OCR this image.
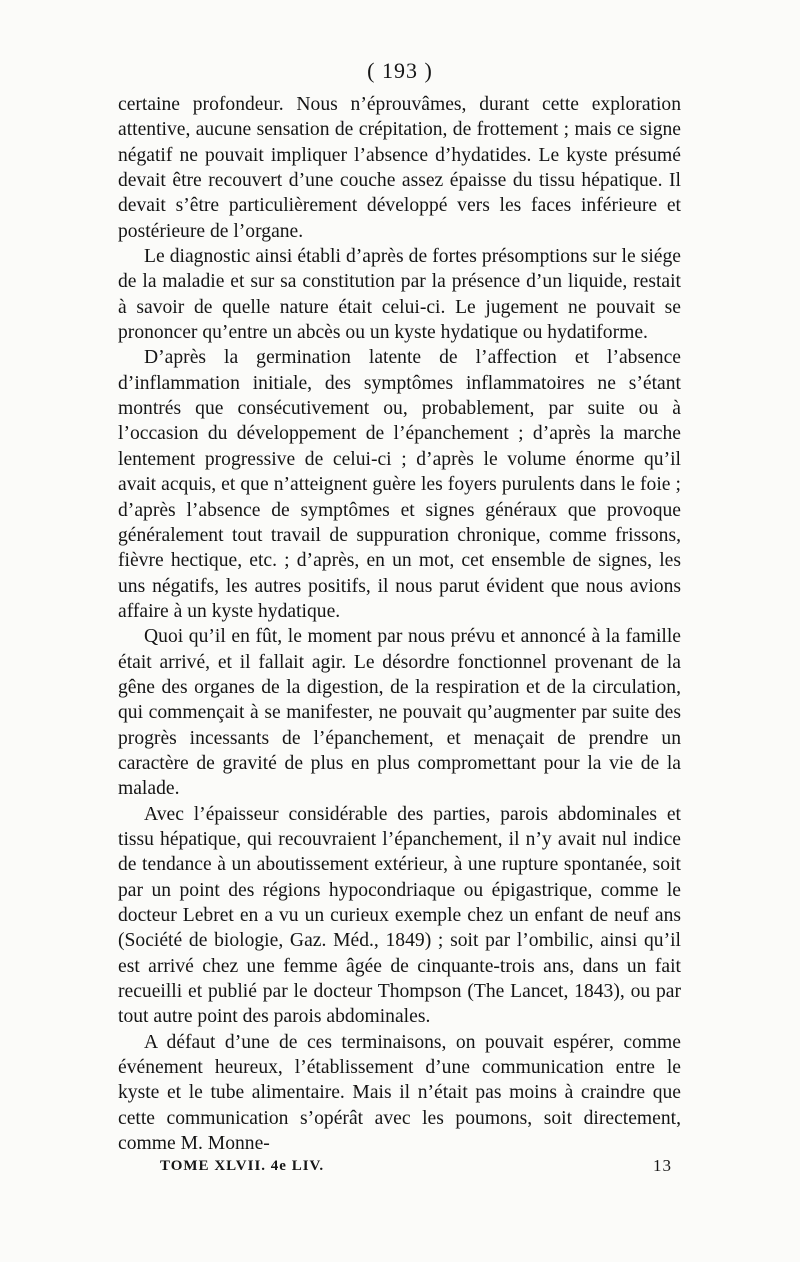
( 193 )

certaine profondeur. Nous n’éprouvâmes, durant cette exploration attentive, aucune sensation de crépitation, de frottement ; mais ce signe négatif ne pouvait impliquer l’absence d’hydatides. Le kyste présumé devait être recouvert d’une couche assez épaisse du tissu hépatique. Il devait s’être particulièrement développé vers les faces inférieure et postérieure de l’organe.

Le diagnostic ainsi établi d’après de fortes présomptions sur le siége de la maladie et sur sa constitution par la présence d’un liquide, restait à savoir de quelle nature était celui-ci. Le jugement ne pouvait se prononcer qu’entre un abcès ou un kyste hydatique ou hydatiforme.

D’après la germination latente de l’affection et l’absence d’inflammation initiale, des symptômes inflammatoires ne s’étant montrés que consécutivement ou, probablement, par suite ou à l’occasion du développement de l’épanchement ; d’après la marche lentement progressive de celui-ci ; d’après le volume énorme qu’il avait acquis, et que n’atteignent guère les foyers purulents dans le foie ; d’après l’absence de symptômes et signes généraux que provoque généralement tout travail de suppuration chronique, comme frissons, fièvre hectique, etc. ; d’après, en un mot, cet ensemble de signes, les uns négatifs, les autres positifs, il nous parut évident que nous avions affaire à un kyste hydatique.

Quoi qu’il en fût, le moment par nous prévu et annoncé à la famille était arrivé, et il fallait agir. Le désordre fonctionnel provenant de la gêne des organes de la digestion, de la respiration et de la circulation, qui commençait à se manifester, ne pouvait qu’augmenter par suite des progrès incessants de l’épanchement, et menaçait de prendre un caractère de gravité de plus en plus compromettant pour la vie de la malade.

Avec l’épaisseur considérable des parties, parois abdominales et tissu hépatique, qui recouvraient l’épanchement, il n’y avait nul indice de tendance à un aboutissement extérieur, à une rupture spontanée, soit par un point des régions hypocondriaque ou épigastrique, comme le docteur Lebret en a vu un curieux exemple chez un enfant de neuf ans (Société de biologie, Gaz. Méd., 1849) ; soit par l’ombilic, ainsi qu’il est arrivé chez une femme âgée de cinquante-trois ans, dans un fait recueilli et publié par le docteur Thompson (The Lancet, 1843), ou par tout autre point des parois abdominales.

A défaut d’une de ces terminaisons, on pouvait espérer, comme événement heureux, l’établissement d’une communication entre le kyste et le tube alimentaire. Mais il n’était pas moins à craindre que cette communication s’opérât avec les poumons, soit directement, comme M. Monne-

TOME XLVII. 4e LIV.	13
